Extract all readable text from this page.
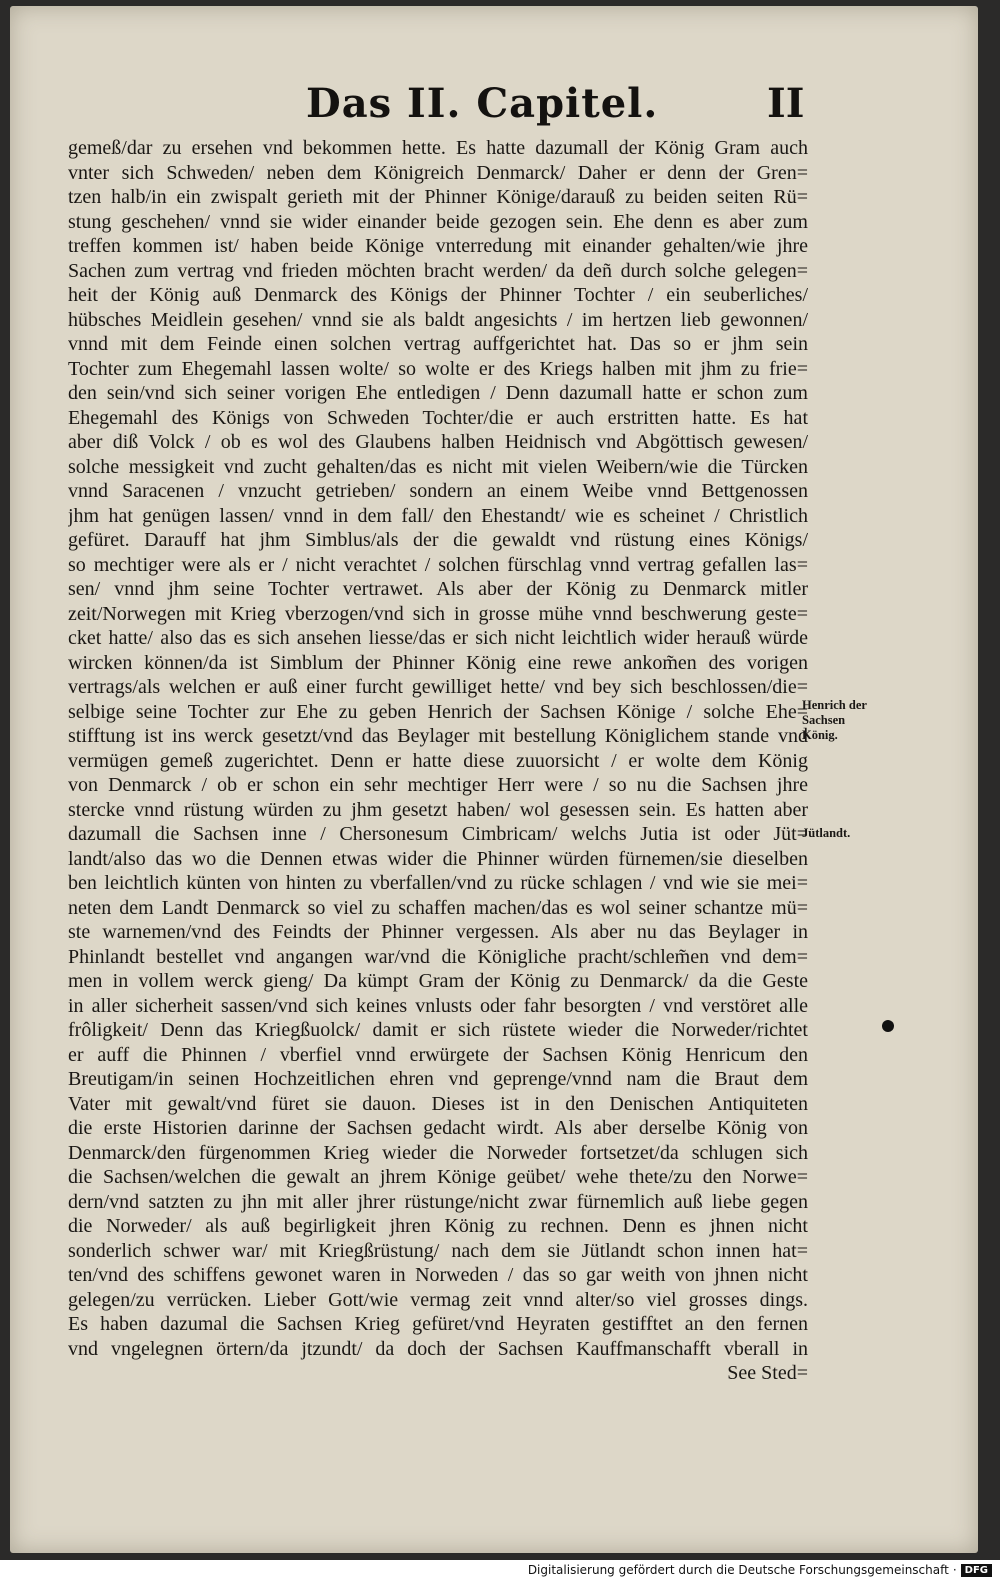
Das II. Capitel.	II
gemeß/dar zu ersehen vnd bekommen hette. Es hatte dazumall der König Gram auch
vnter sich Schweden/ neben dem Königreich Denmarck/ Daher er denn der Gren=
tzen halb/in ein zwispalt gerieth mit der Phinner Könige/darauß zu beiden seiten Rü=
stung geschehen/ vnnd sie wider einander beide gezogen sein. Ehe denn es aber zum
treffen kommen ist/ haben beide Könige vnterredung mit einander gehalten/wie jhre
Sachen zum vertrag vnd frieden möchten bracht werden/ da deñ durch solche gelegen=
heit der König auß Denmarck des Königs der Phinner Tochter / ein seuberliches/
hübsches Meidlein gesehen/ vnnd sie als baldt angesichts / im hertzen lieb gewonnen/
vnnd mit dem Feinde einen solchen vertrag auffgerichtet hat. Das so er jhm sein
Tochter zum Ehegemahl lassen wolte/ so wolte er des Kriegs halben mit jhm zu frie=
den sein/vnd sich seiner vorigen Ehe entledigen / Denn dazumall hatte er schon zum
Ehegemahl des Königs von Schweden Tochter/die er auch erstritten hatte. Es hat
aber diß Volck / ob es wol des Glaubens halben Heidnisch vnd Abgöttisch gewesen/
solche messigkeit vnd zucht gehalten/das es nicht mit vielen Weibern/wie die Türcken
vnnd Saracenen / vnzucht getrieben/ sondern an einem Weibe vnnd Bettgenossen
jhm hat genügen lassen/ vnnd in dem fall/ den Ehestandt/ wie es scheinet / Christlich
gefüret. Darauff hat jhm Simblus/als der die gewaldt vnd rüstung eines Königs/
so mechtiger were als er / nicht verachtet / solchen fürschlag vnnd vertrag gefallen las=
sen/ vnnd jhm seine Tochter vertrawet. Als aber der König zu Denmarck mitler
zeit/Norwegen mit Krieg vberzogen/vnd sich in grosse mühe vnnd beschwerung geste=
cket hatte/ also das es sich ansehen liesse/das er sich nicht leichtlich wider herauß würde
wircken können/da ist Simblum der Phinner König eine rewe ankom̃en des vorigen
vertrags/als welchen er auß einer furcht gewilliget hette/ vnd bey sich beschlossen/die=
selbige seine Tochter zur Ehe zu geben Henrich der Sachsen Könige / solche Ehe=
stifftung ist ins werck gesetzt/vnd das Beylager mit bestellung Königlichem stande vnd
vermügen gemeß zugerichtet. Denn er hatte diese zuuorsicht / er wolte dem König
von Denmarck / ob er schon ein sehr mechtiger Herr were / so nu die Sachsen jhre
stercke vnnd rüstung würden zu jhm gesetzt haben/ wol gesessen sein. Es hatten aber
dazumall die Sachsen inne / Chersonesum Cimbricam/ welchs Jutia ist oder Jüt=
landt/also das wo die Dennen etwas wider die Phinner würden fürnemen/sie dieselben
ben leichtlich künten von hinten zu vberfallen/vnd zu rücke schlagen / vnd wie sie mei=
neten dem Landt Denmarck so viel zu schaffen machen/das es wol seiner schantze mü=
ste warnemen/vnd des Feindts der Phinner vergessen. Als aber nu das Beylager in
Phinlandt bestellet vnd angangen war/vnd die Königliche pracht/schlem̃en vnd dem=
men in vollem werck gieng/ Da kümpt Gram der König zu Denmarck/ da die Geste
in aller sicherheit sassen/vnd sich keines vnlusts oder fahr besorgten / vnd verstöret alle
frôligkeit/ Denn das Kriegßuolck/ damit er sich rüstete wieder die Norweder/richtet
er auff die Phinnen / vberfiel vnnd erwürgete der Sachsen König Henricum den
Breutigam/in seinen Hochzeitlichen ehren vnd geprenge/vnnd nam die Braut dem
Vater mit gewalt/vnd füret sie dauon. Dieses ist in den Denischen Antiquiteten
die erste Historien darinne der Sachsen gedacht wirdt. Als aber derselbe König von
Denmarck/den fürgenommen Krieg wieder die Norweder fortsetzet/da schlugen sich
die Sachsen/welchen die gewalt an jhrem Könige geübet/ wehe thete/zu den Norwe=
dern/vnd satzten zu jhn mit aller jhrer rüstunge/nicht zwar fürnemlich auß liebe gegen
die Norweder/ als auß begirligkeit jhren König zu rechnen. Denn es jhnen nicht
sonderlich schwer war/ mit Kriegßrüstung/ nach dem sie Jütlandt schon innen hat=
ten/vnd des schiffens gewonet waren in Norweden / das so gar weith von jhnen nicht
gelegen/zu verrücken. Lieber Gott/wie vermag zeit vnnd alter/so viel grosses dings.
Es haben dazumal die Sachsen Krieg gefüret/vnd Heyraten gestifftet an den fernen
vnd vngelegnen örtern/da jtzundt/ da doch der Sachsen Kauffmanschafft vberall in
See Sted=
Henrich der
Sachsen
König.
Jütlandt.
Digitalisierung gefördert durch die Deutsche Forschungsgemeinschaft · DFG
